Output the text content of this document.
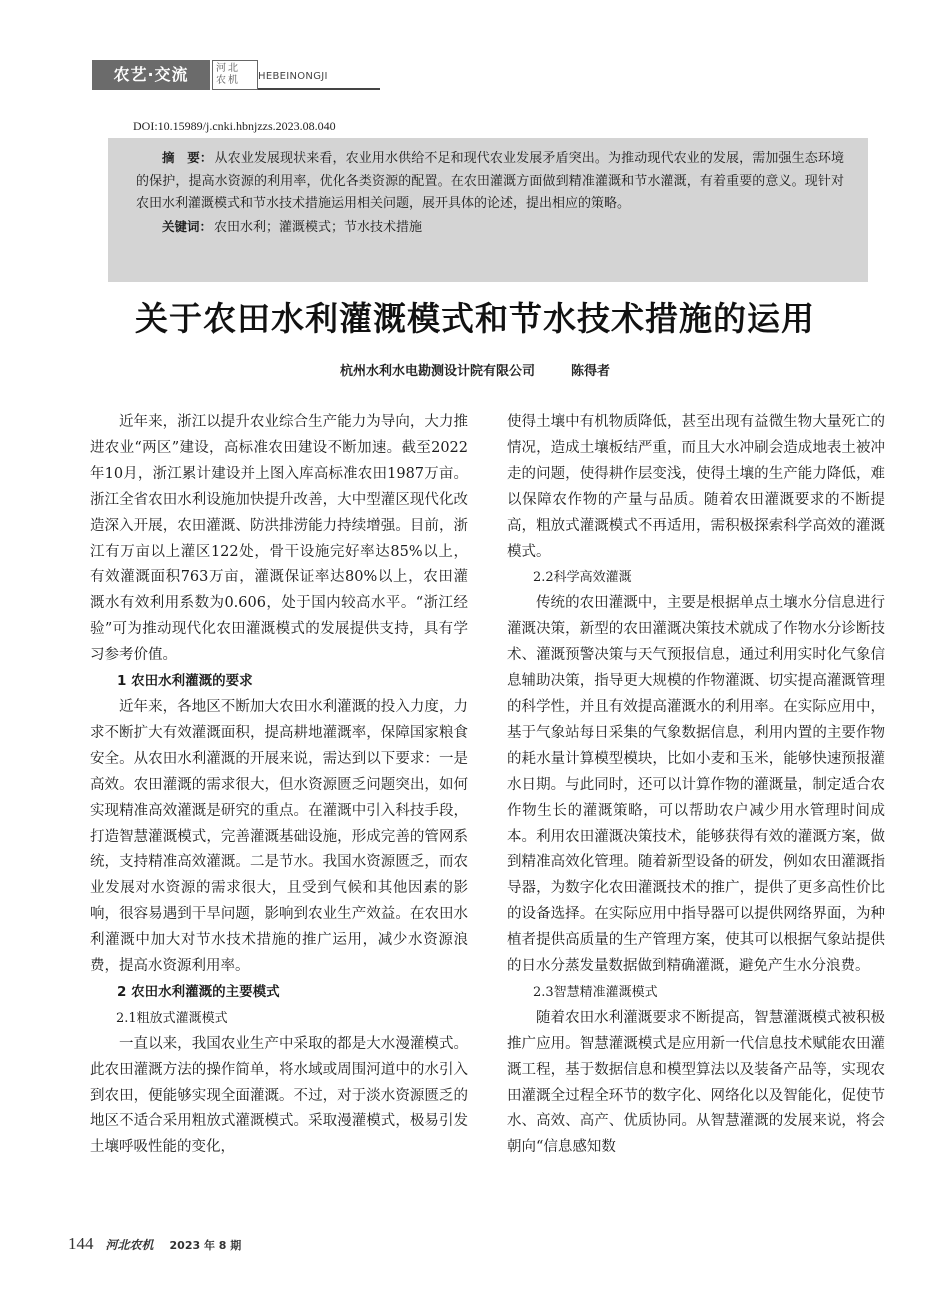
农艺·交流	河北
农机	HEBEINONGJI
DOI:10.15989/j.cnki.hbnjzzs.2023.08.040

摘　要： 从农业发展现状来看，农业用水供给不足和现代农业发展矛盾突出。为推动现代农业的发展，需加强生态环境的保护，提高水资源的利用率，优化各类资源的配置。在农田灌溉方面做到精准灌溉和节水灌溉，有着重要的意义。现针对农田水利灌溉模式和节水技术措施运用相关问题，展开具体的论述，提出相应的策略。

关键词： 农田水利；灌溉模式；节水技术措施

关于农田水利灌溉模式和节水技术措施的运用
杭州水利水电勘测设计院有限公司	陈得者

近年来，浙江以提升农业综合生产能力为导向，大力推进农业“两区”建设，高标准农田建设不断加速。截至2022年10月，浙江累计建设并上图入库高标准农田1987万亩。浙江全省农田水利设施加快提升改善，大中型灌区现代化改造深入开展，农田灌溉、防洪排涝能力持续增强。目前，浙江有万亩以上灌区122处，骨干设施完好率达85%以上，有效灌溉面积763万亩，灌溉保证率达80%以上，农田灌溉水有效利用系数为0.606，处于国内较高水平。“浙江经验”可为推动现代化农田灌溉模式的发展提供支持，具有学习参考价值。

1 农田水利灌溉的要求

近年来，各地区不断加大农田水利灌溉的投入力度，力求不断扩大有效灌溉面积，提高耕地灌溉率，保障国家粮食安全。从农田水利灌溉的开展来说，需达到以下要求：一是高效。农田灌溉的需求很大，但水资源匮乏问题突出，如何实现精准高效灌溉是研究的重点。在灌溉中引入科技手段，打造智慧灌溉模式，完善灌溉基础设施，形成完善的管网系统，支持精准高效灌溉。二是节水。我国水资源匮乏，而农业发展对水资源的需求很大，且受到气候和其他因素的影响，很容易遇到干旱问题，影响到农业生产效益。在农田水利灌溉中加大对节水技术措施的推广运用，减少水资源浪费，提高水资源利用率。

2 农田水利灌溉的主要模式
2.1粗放式灌溉模式

一直以来，我国农业生产中采取的都是大水漫灌模式。此农田灌溉方法的操作简单，将水域或周围河道中的水引入到农田，便能够实现全面灌溉。不过，对于淡水资源匮乏的地区不适合采用粗放式灌溉模式。采取漫灌模式，极易引发土壤呼吸性能的变化，

使得土壤中有机物质降低，甚至出现有益微生物大量死亡的情况，造成土壤板结严重，而且大水冲刷会造成地表土被冲走的问题，使得耕作层变浅，使得土壤的生产能力降低，难以保障农作物的产量与品质。随着农田灌溉要求的不断提高，粗放式灌溉模式不再适用，需积极探索科学高效的灌溉模式。

2.2科学高效灌溉

传统的农田灌溉中，主要是根据单点土壤水分信息进行灌溉决策，新型的农田灌溉决策技术就成了作物水分诊断技术、灌溉预警决策与天气预报信息，通过利用实时化气象信息辅助决策，指导更大规模的作物灌溉、切实提高灌溉管理的科学性，并且有效提高灌溉水的利用率。在实际应用中，基于气象站每日采集的气象数据信息，利用内置的主要作物的耗水量计算模型模块，比如小麦和玉米，能够快速预报灌水日期。与此同时，还可以计算作物的灌溉量，制定适合农作物生长的灌溉策略，可以帮助农户减少用水管理时间成本。利用农田灌溉决策技术，能够获得有效的灌溉方案，做到精准高效化管理。随着新型设备的研发，例如农田灌溉指导器，为数字化农田灌溉技术的推广，提供了更多高性价比的设备选择。在实际应用中指导器可以提供网络界面，为种植者提供高质量的生产管理方案，使其可以根据气象站提供的日水分蒸发量数据做到精确灌溉，避免产生水分浪费。

2.3智慧精准灌溉模式

随着农田水利灌溉要求不断提高，智慧灌溉模式被积极推广应用。智慧灌溉模式是应用新一代信息技术赋能农田灌溉工程，基于数据信息和模型算法以及装备产品等，实现农田灌溉全过程全环节的数字化、网络化以及智能化，促使节水、高效、高产、优质协同。从智慧灌溉的发展来说，将会朝向“信息感知数

144 河北农机 2023 年 8 期
